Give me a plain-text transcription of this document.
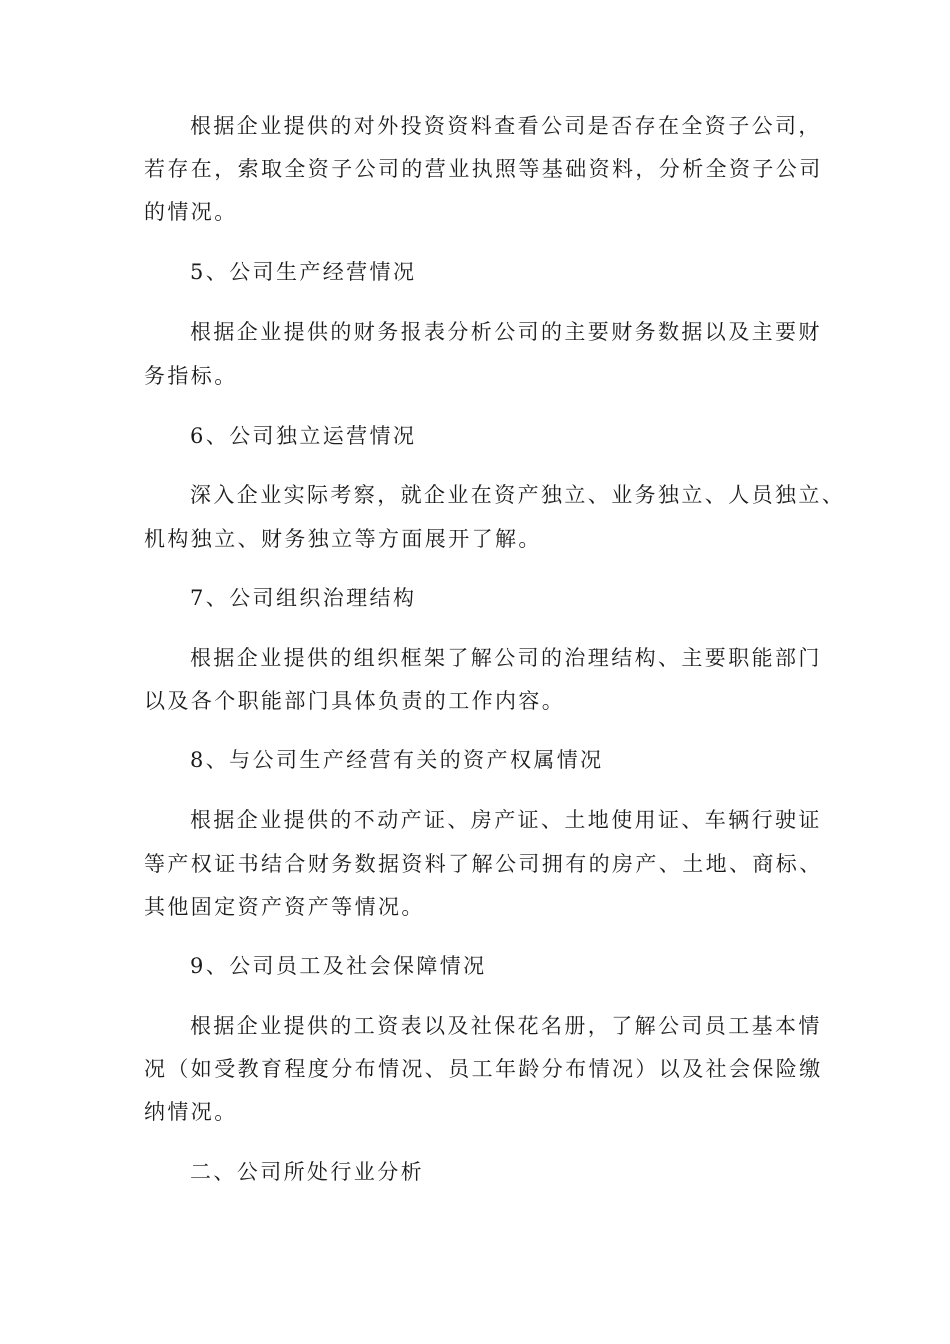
根据企业提供的对外投资资料查看公司是否存在全资子公司，
若存在，索取全资子公司的营业执照等基础资料，分析全资子公司
的情况。
5、公司生产经营情况
根据企业提供的财务报表分析公司的主要财务数据以及主要财
务指标。
6、公司独立运营情况
深入企业实际考察，就企业在资产独立、业务独立、人员独立、
机构独立、财务独立等方面展开了解。
7、公司组织治理结构
根据企业提供的组织框架了解公司的治理结构、主要职能部门
以及各个职能部门具体负责的工作内容。
8、与公司生产经营有关的资产权属情况
根据企业提供的不动产证、房产证、土地使用证、车辆行驶证
等产权证书结合财务数据资料了解公司拥有的房产、土地、商标、
其他固定资产资产等情况。
9、公司员工及社会保障情况
根据企业提供的工资表以及社保花名册，了解公司员工基本情
况（如受教育程度分布情况、员工年龄分布情况）以及社会保险缴
纳情况。
二、公司所处行业分析
